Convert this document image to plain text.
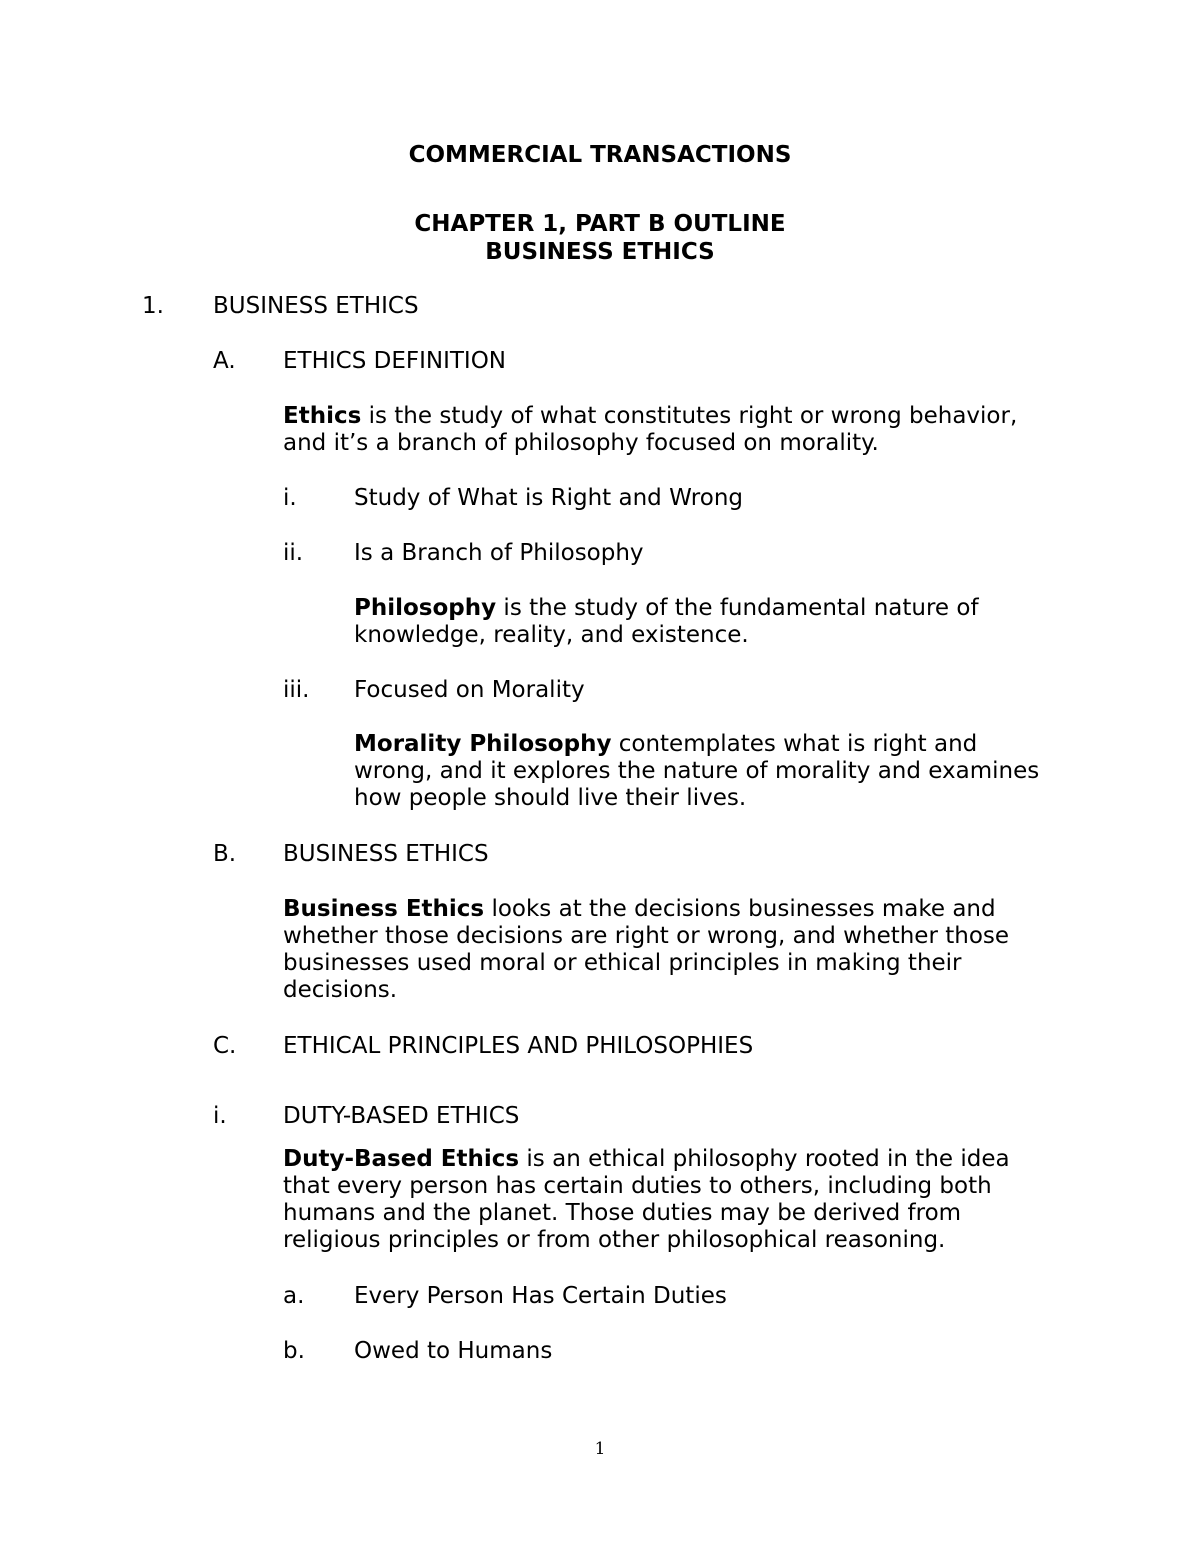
COMMERCIAL TRANSACTIONS
CHAPTER 1, PART B OUTLINE
BUSINESS ETHICS
1. BUSINESS ETHICS
A. ETHICS DEFINITION
Ethics is the study of what constitutes right or wrong behavior,
and it’s a branch of philosophy focused on morality.
i. Study of What is Right and Wrong
ii. Is a Branch of Philosophy
Philosophy is the study of the fundamental nature of
knowledge, reality, and existence.
iii. Focused on Morality
Morality Philosophy contemplates what is right and
wrong, and it explores the nature of morality and examines
how people should live their lives.
B. BUSINESS ETHICS
Business Ethics looks at the decisions businesses make and
whether those decisions are right or wrong, and whether those
businesses used moral or ethical principles in making their
decisions.
C. ETHICAL PRINCIPLES AND PHILOSOPHIES
i. DUTY-BASED ETHICS
Duty-Based Ethics is an ethical philosophy rooted in the idea
that every person has certain duties to others, including both
humans and the planet. Those duties may be derived from
religious principles or from other philosophical reasoning.
a. Every Person Has Certain Duties
b. Owed to Humans
1
